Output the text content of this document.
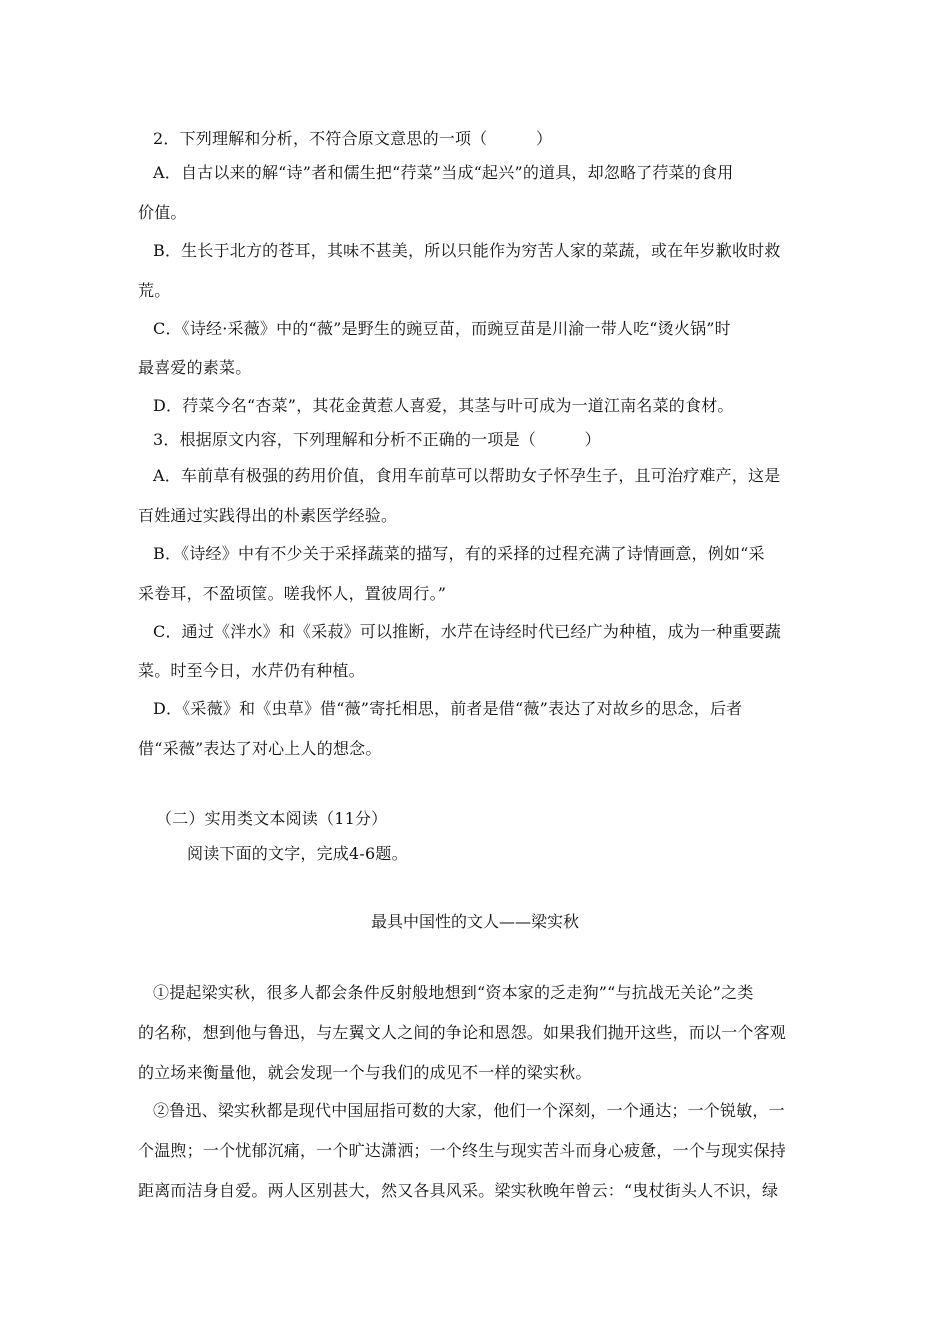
2．下列理解和分析，不符合原文意思的一项（　　　）
A．自古以来的解“诗”者和儒生把“荇菜”当成“起兴”的道具，却忽略了荇菜的食用
价值。
B．生长于北方的苍耳，其味不甚美，所以只能作为穷苦人家的菜蔬，或在年岁歉收时救
荒。
C．《诗经·采薇》中的“薇”是野生的豌豆苗，而豌豆苗是川渝一带人吃“烫火锅”时
最喜爱的素菜。
D．荇菜今名“杏菜”，其花金黄惹人喜爱，其茎与叶可成为一道江南名菜的食材。
3．根据原文内容，下列理解和分析不正确的一项是（　　　）
A．车前草有极强的药用价值，食用车前草可以帮助女子怀孕生子，且可治疗难产，这是
百姓通过实践得出的朴素医学经验。
B．《诗经》中有不少关于采择蔬菜的描写，有的采择的过程充满了诗情画意，例如“采
采卷耳，不盈顷筐。嗟我怀人，置彼周行。”
C．通过《泮水》和《采菽》可以推断，水芹在诗经时代已经广为种植，成为一种重要蔬
菜。时至今日，水芹仍有种植。
D．《采薇》和《虫草》借“薇”寄托相思，前者是借“薇”表达了对故乡的思念，后者
借“采薇”表达了对心上人的想念。
（二）实用类文本阅读（11分）
阅读下面的文字，完成4-6题。
最具中国性的文人——梁实秋
①提起梁实秋，很多人都会条件反射般地想到“资本家的乏走狗”“与抗战无关论”之类
的名称，想到他与鲁迅，与左翼文人之间的争论和恩怨。如果我们抛开这些，而以一个客观
的立场来衡量他，就会发现一个与我们的成见不一样的梁实秋。
②鲁迅、梁实秋都是现代中国屈指可数的大家，他们一个深刻，一个通达；一个锐敏，一
个温煦；一个忧郁沉痛，一个旷达潇洒；一个终生与现实苦斗而身心疲惫，一个与现实保持
距离而洁身自爱。两人区别甚大，然又各具风采。梁实秋晚年曾云：“曳杖街头人不识，绿
